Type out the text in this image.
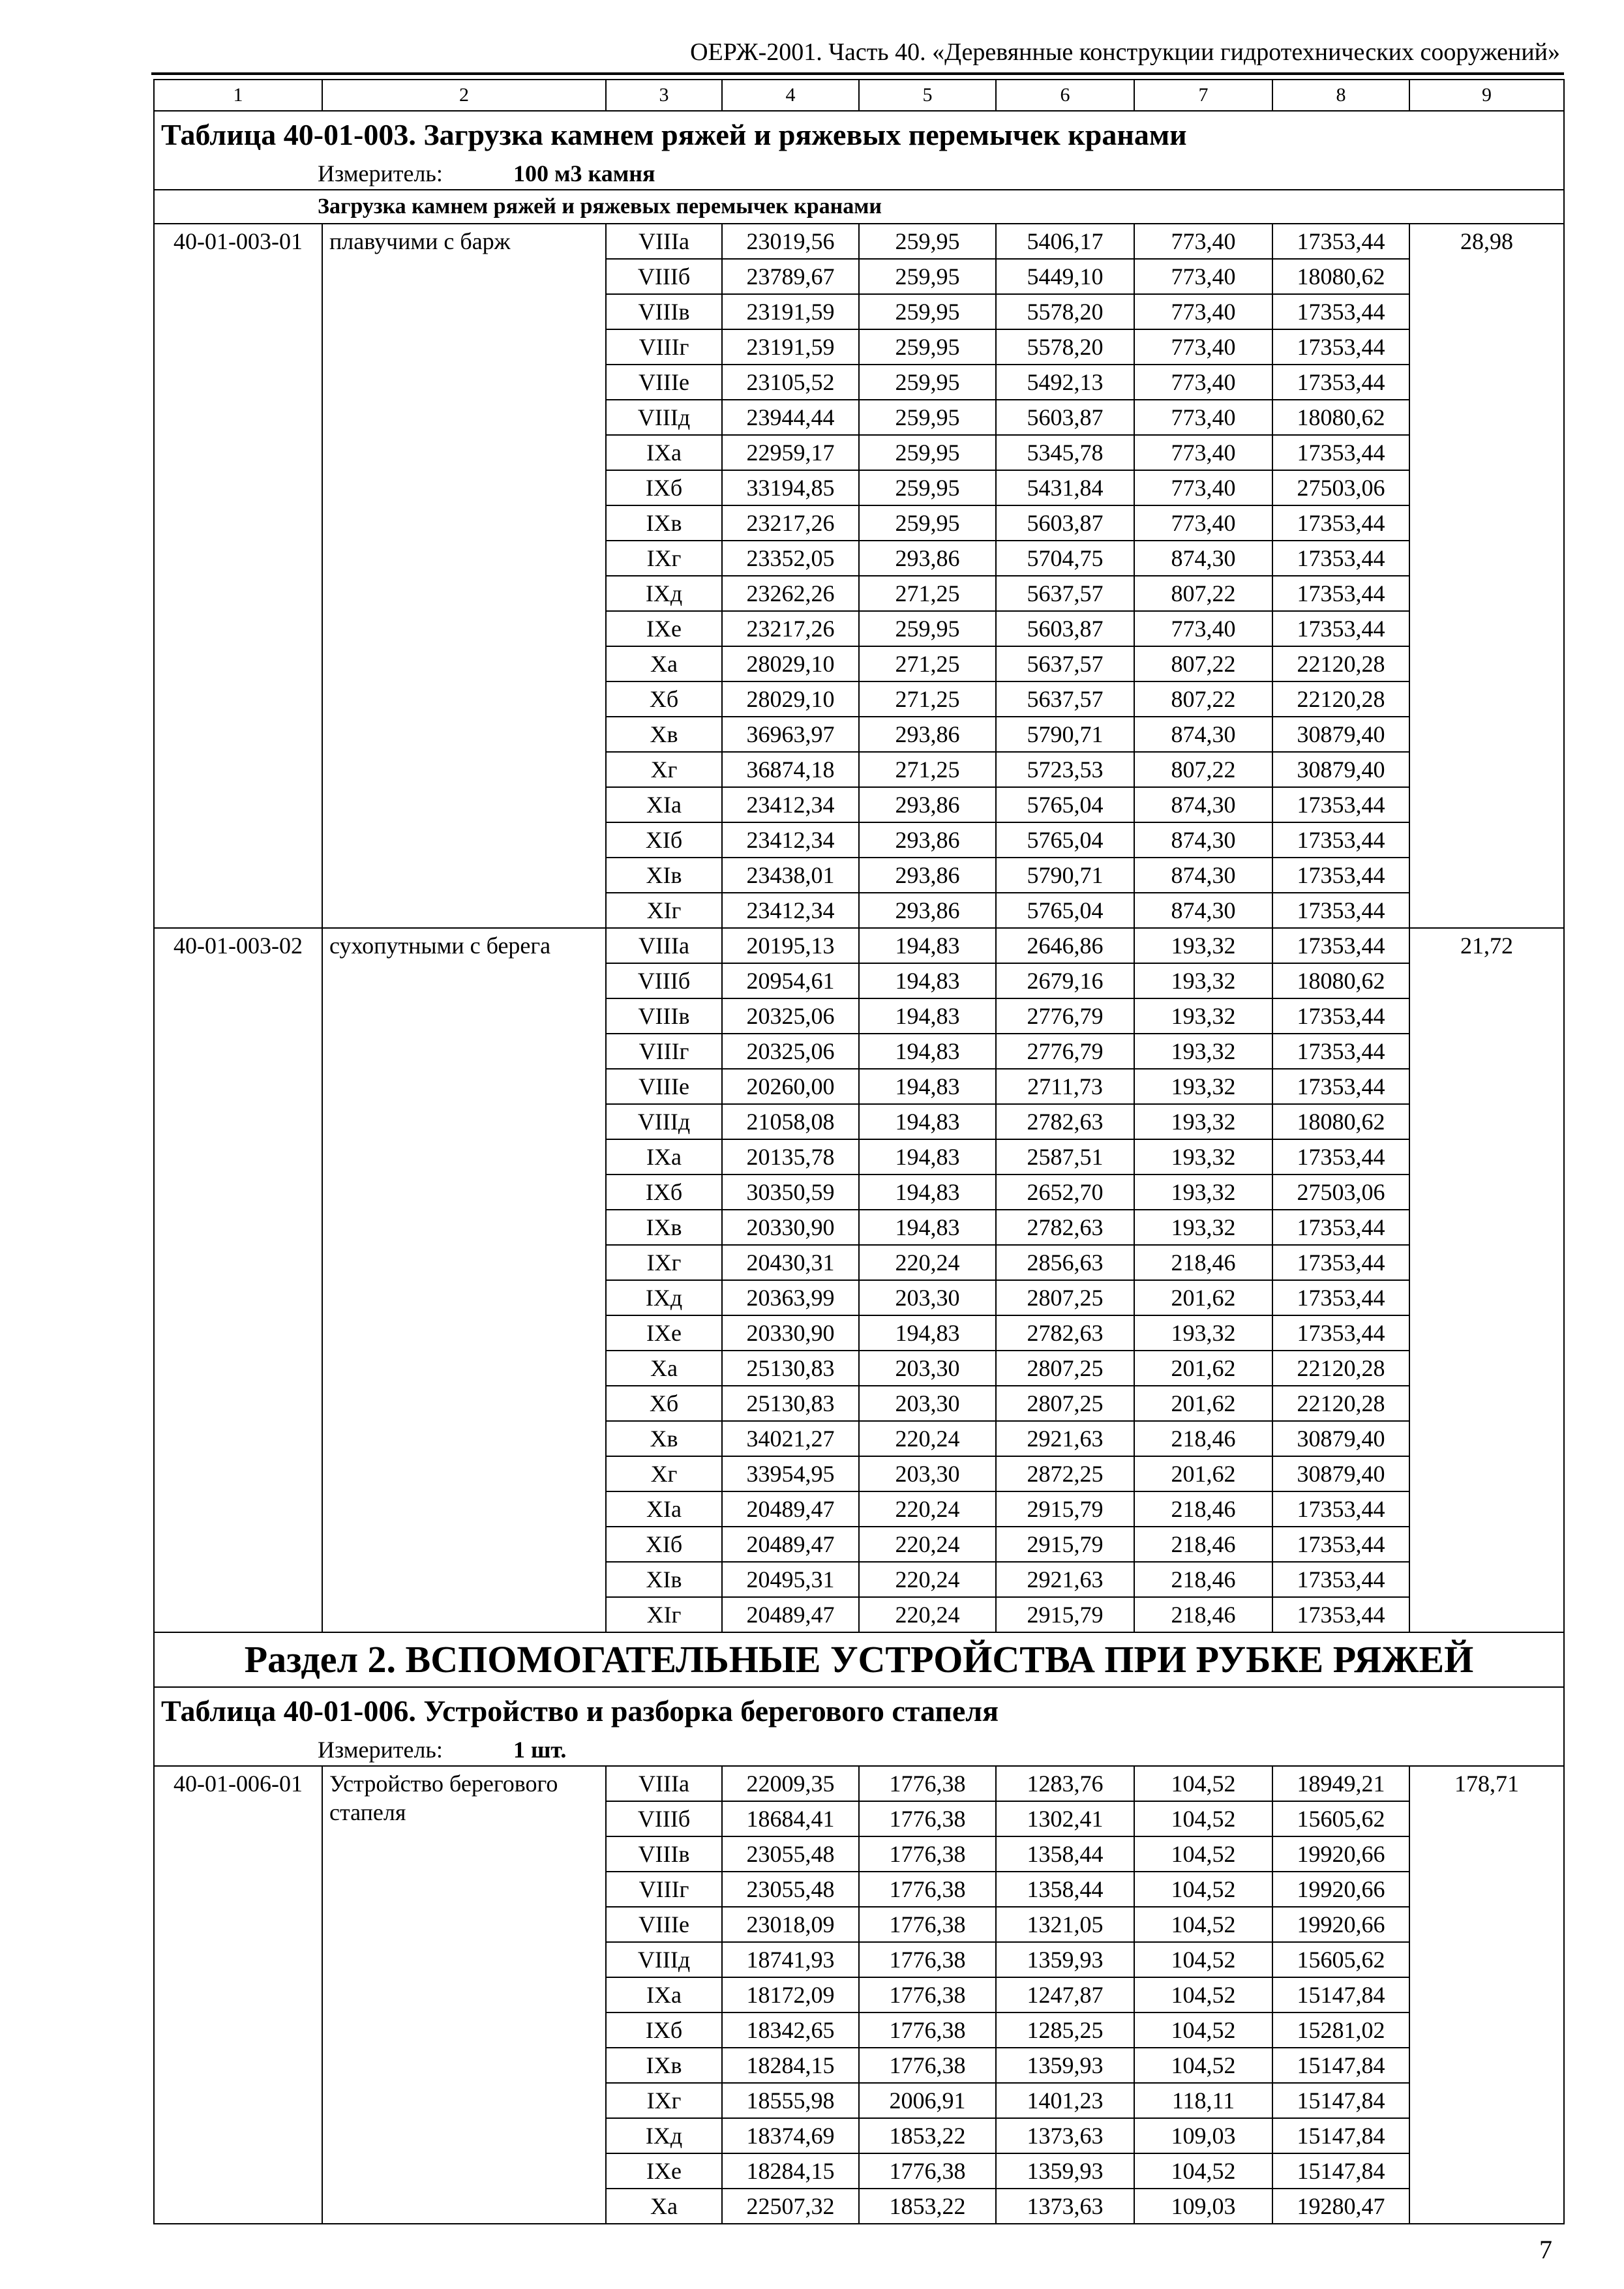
ОЕРЖ-2001. Часть 40. «Деревянные конструкции гидротехнических сооружений»
1	2	3	4	5	6	7	8	9
Таблица 40-01-003. Загрузка камнем ряжей и ряжевых перемычек кранами								
Измеритель: 100 м3 камня								
Загрузка камнем ряжей и ряжевых перемычек кранами								
40-01-003-01	плавучими с барж	VIIIа	23019,56	259,95	5406,17	773,40	17353,44	28,98
		VIIIб	23789,67	259,95	5449,10	773,40	18080,62	
		VIIIв	23191,59	259,95	5578,20	773,40	17353,44	
		VIIIг	23191,59	259,95	5578,20	773,40	17353,44	
		VIIIе	23105,52	259,95	5492,13	773,40	17353,44	
		VIIIд	23944,44	259,95	5603,87	773,40	18080,62	
		IXа	22959,17	259,95	5345,78	773,40	17353,44	
		IXб	33194,85	259,95	5431,84	773,40	27503,06	
		IXв	23217,26	259,95	5603,87	773,40	17353,44	
		IXг	23352,05	293,86	5704,75	874,30	17353,44	
		IXд	23262,26	271,25	5637,57	807,22	17353,44	
		IXе	23217,26	259,95	5603,87	773,40	17353,44	
		Xа	28029,10	271,25	5637,57	807,22	22120,28	
		Xб	28029,10	271,25	5637,57	807,22	22120,28	
		Xв	36963,97	293,86	5790,71	874,30	30879,40	
		Xг	36874,18	271,25	5723,53	807,22	30879,40	
		XIа	23412,34	293,86	5765,04	874,30	17353,44	
		XIб	23412,34	293,86	5765,04	874,30	17353,44	
		XIв	23438,01	293,86	5790,71	874,30	17353,44	
		XIг	23412,34	293,86	5765,04	874,30	17353,44	
40-01-003-02	сухопутными с берега	VIIIа	20195,13	194,83	2646,86	193,32	17353,44	21,72
		VIIIб	20954,61	194,83	2679,16	193,32	18080,62	
		VIIIв	20325,06	194,83	2776,79	193,32	17353,44	
		VIIIг	20325,06	194,83	2776,79	193,32	17353,44	
		VIIIе	20260,00	194,83	2711,73	193,32	17353,44	
		VIIIд	21058,08	194,83	2782,63	193,32	18080,62	
		IXа	20135,78	194,83	2587,51	193,32	17353,44	
		IXб	30350,59	194,83	2652,70	193,32	27503,06	
		IXв	20330,90	194,83	2782,63	193,32	17353,44	
		IXг	20430,31	220,24	2856,63	218,46	17353,44	
		IXд	20363,99	203,30	2807,25	201,62	17353,44	
		IXе	20330,90	194,83	2782,63	193,32	17353,44	
		Xа	25130,83	203,30	2807,25	201,62	22120,28	
		Xб	25130,83	203,30	2807,25	201,62	22120,28	
		Xв	34021,27	220,24	2921,63	218,46	30879,40	
		Xг	33954,95	203,30	2872,25	201,62	30879,40	
		XIа	20489,47	220,24	2915,79	218,46	17353,44	
		XIб	20489,47	220,24	2915,79	218,46	17353,44	
		XIв	20495,31	220,24	2921,63	218,46	17353,44	
		XIг	20489,47	220,24	2915,79	218,46	17353,44	
Раздел 2. ВСПОМОГАТЕЛЬНЫЕ УСТРОЙСТВА ПРИ РУБКЕ РЯЖЕЙ								
Таблица 40-01-006. Устройство и разборка берегового стапеля								
Измеритель: 1 шт.								
40-01-006-01	Устройство берегового стапеля	VIIIа	22009,35	1776,38	1283,76	104,52	18949,21	178,71
		VIIIб	18684,41	1776,38	1302,41	104,52	15605,62	
		VIIIв	23055,48	1776,38	1358,44	104,52	19920,66	
		VIIIг	23055,48	1776,38	1358,44	104,52	19920,66	
		VIIIе	23018,09	1776,38	1321,05	104,52	19920,66	
		VIIIд	18741,93	1776,38	1359,93	104,52	15605,62	
		IXа	18172,09	1776,38	1247,87	104,52	15147,84	
		IXб	18342,65	1776,38	1285,25	104,52	15281,02	
		IXв	18284,15	1776,38	1359,93	104,52	15147,84	
		IXг	18555,98	2006,91	1401,23	118,11	15147,84	
		IXд	18374,69	1853,22	1373,63	109,03	15147,84	
		IXе	18284,15	1776,38	1359,93	104,52	15147,84	
		Xа	22507,32	1853,22	1373,63	109,03	19280,47	
7
